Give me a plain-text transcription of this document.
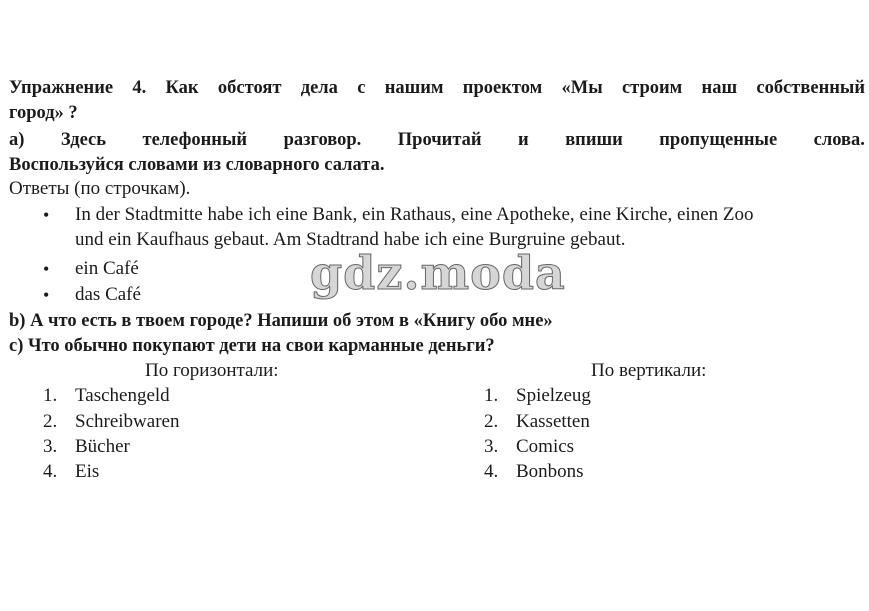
Упражнение 4. Как обстоят дела с нашим проектом «Мы строим наш собственный
город» ?
а) Здесь телефонный разговор. Прочитай и впиши пропущенные слова.
Воспользуйся словами из словарного салата.
Ответы (по строчкам).
• In der Stadtmitte habe ich eine Bank, ein Rathaus, eine Apotheke, eine Kirche, einen Zoo
und ein Kaufhaus gebaut. Am Stadtrand habe ich eine Burgruine gebaut.
• ein Café
• das Café
b) А что есть в твоем городе? Напиши об этом в «Книгу обо мне»
c) Что обычно покупают дети на свои карманные деньги?
По горизонтали:	По вертикали:
1. Taschengeld
2. Schreibwaren
3. Bücher
4. Eis
1. Spielzeug
2. Kassetten
3. Comics
4. Bonbons
gdz.moda
